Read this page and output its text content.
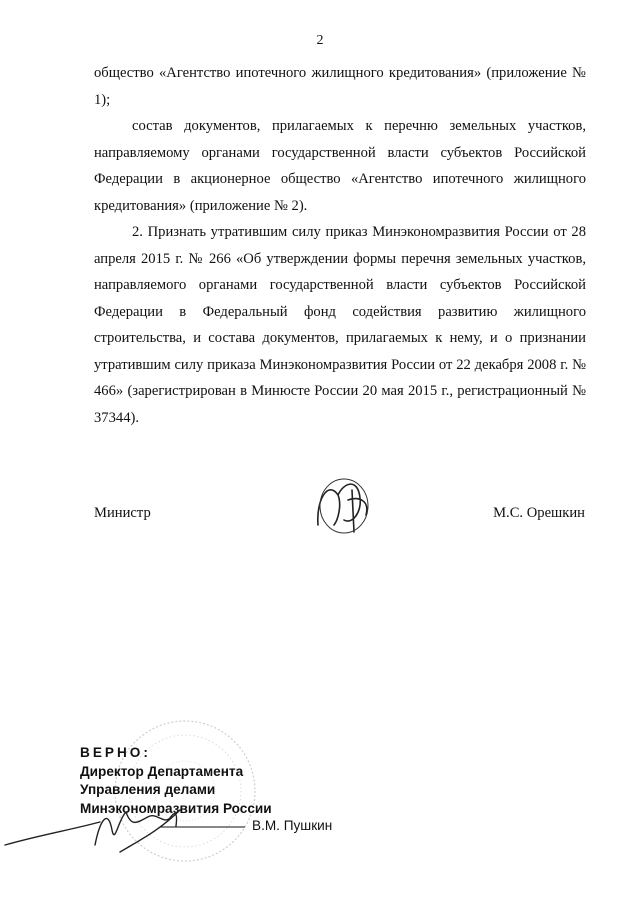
2

общество «Агентство ипотечного жилищного кредитования» (приложение № 1);

состав документов, прилагаемых к перечню земельных участков, направляемому органами государственной власти субъектов Российской Федерации в акционерное общество «Агентство ипотечного жилищного кредитования» (приложение № 2).

2. Признать утратившим силу приказ Минэкономразвития России от 28 апреля 2015 г. № 266 «Об утверждении формы перечня земельных участков, направляемого органами государственной власти субъектов Российской Федерации в Федеральный фонд содействия развитию жилищного строительства, и состава документов, прилагаемых к нему, и о признании утратившим силу приказа Минэкономразвития России от 22 декабря 2008 г. № 466» (зарегистрирован в Минюсте России 20 мая 2015 г., регистрационный № 37344).

Министр	М.С. Орешкин
ВЕРНО:
Директор Департамента
Управления делами
Минэкономразвития России
В.М. Пушкин
